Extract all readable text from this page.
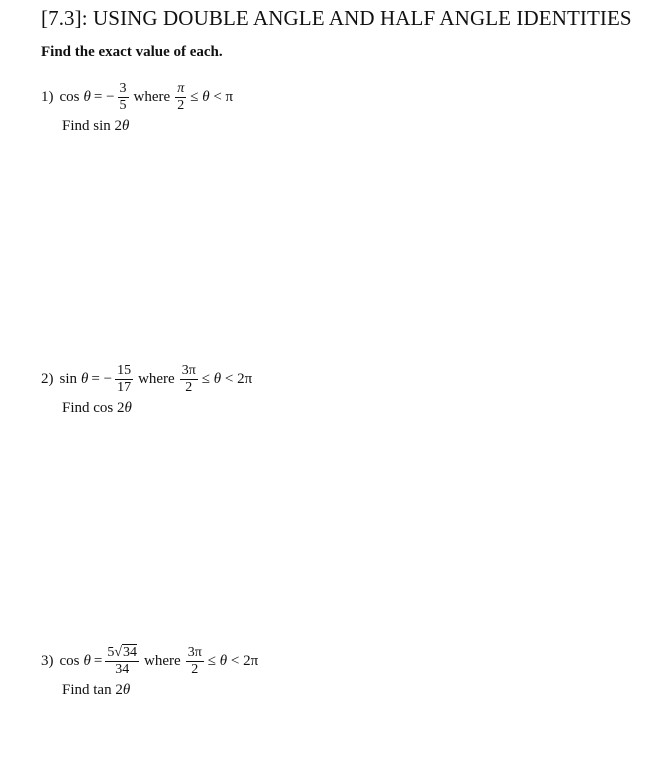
[7.3]: USING DOUBLE ANGLE AND HALF ANGLE IDENTITIES
Find the exact value of each.
1) cos θ = − $\frac{3}{5}$ where $\frac{\pi}{2} \le \theta < \pi$
Find sin 2θ
2) sin θ = − $\frac{15}{17}$ where $\frac{3\pi}{2} \le \theta < 2\pi$
Find cos 2θ
3) $\cos \theta = \frac{5√34}{34}$ where $\frac{3\pi}{2} \le \theta < 2\pi$
Find tan 2θ
